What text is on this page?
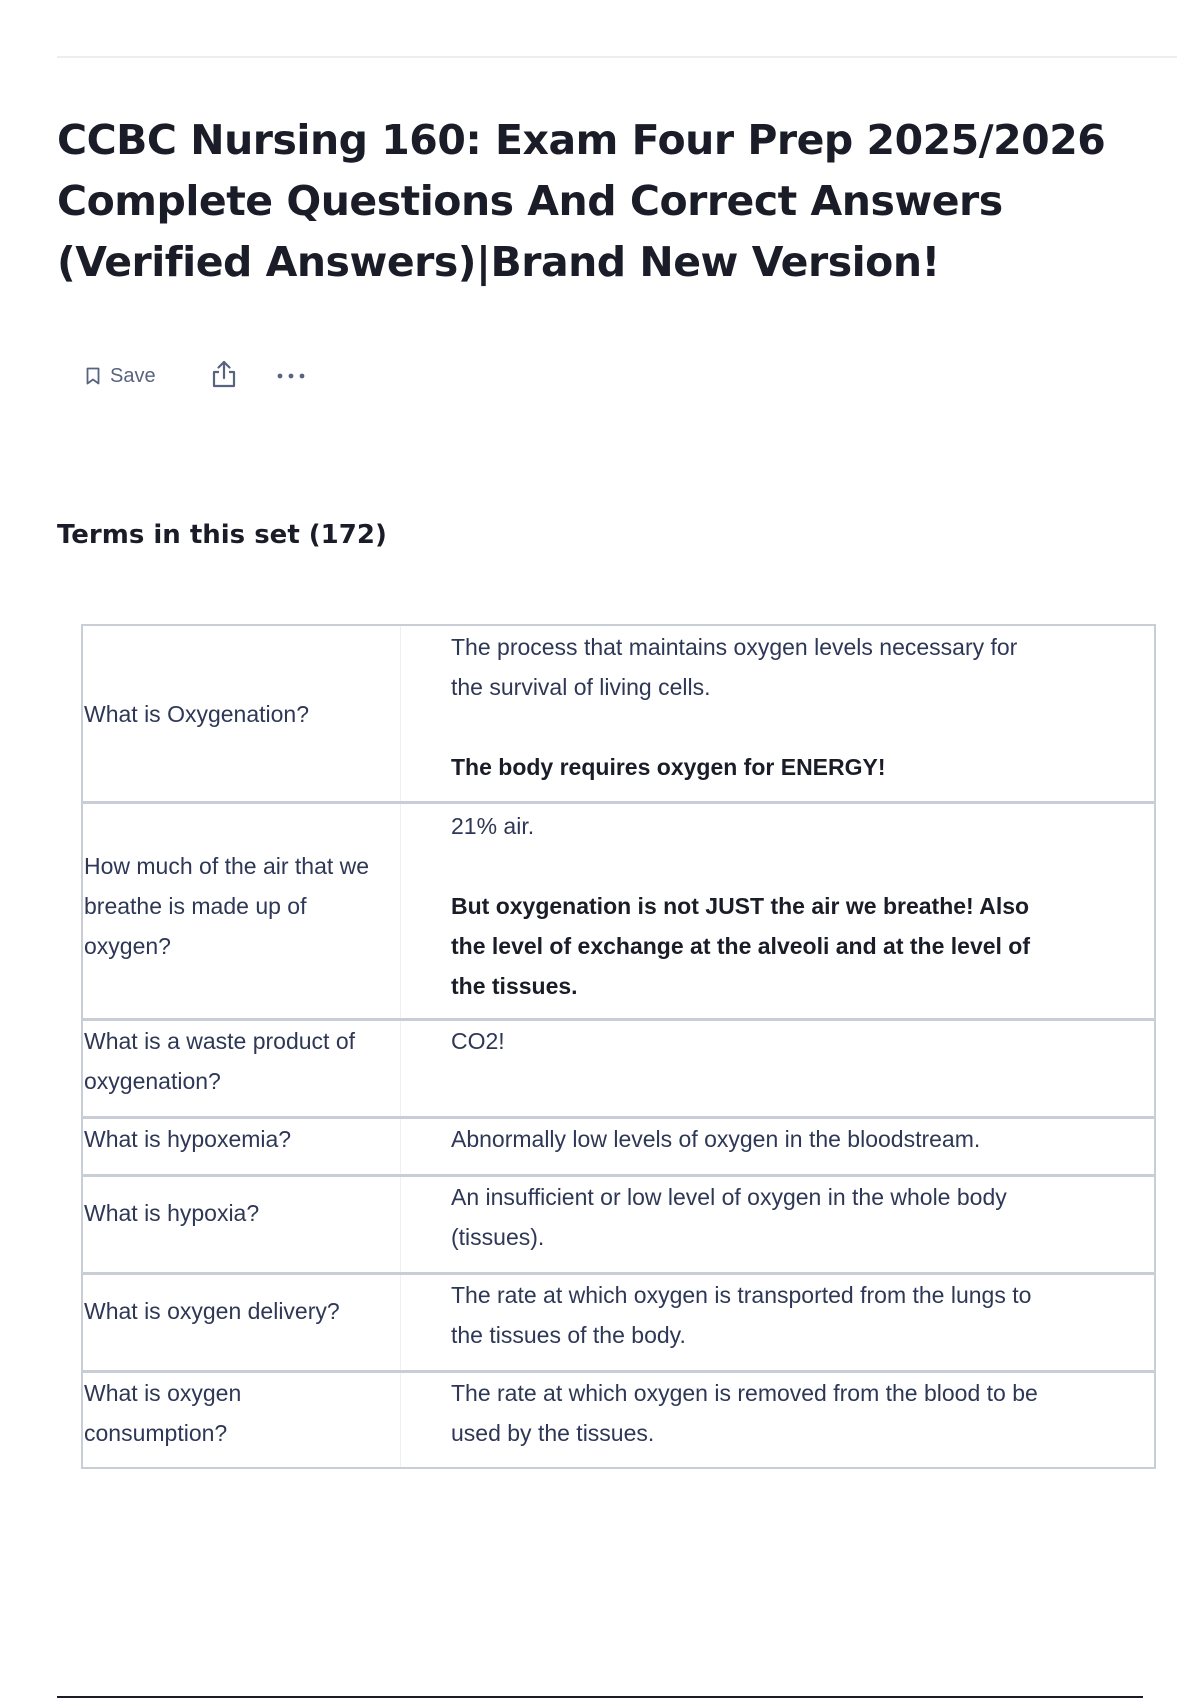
CCBC Nursing 160: Exam Four Prep 2025/2026 Complete Questions And Correct Answers (Verified Answers)|Brand New Version!
Save
Terms in this set (172)
What is Oxygenation?
The process that maintains oxygen levels necessary for the survival of living cells.
The body requires oxygen for ENERGY!
How much of the air that we breathe is made up of oxygen?
21% air.
But oxygenation is not JUST the air we breathe! Also the level of exchange at the alveoli and at the level of the tissues.
What is a waste product of oxygenation?
CO2!
What is hypoxemia?	Abnormally low levels of oxygen in the bloodstream.
What is hypoxia?
An insufficient or low level of oxygen in the whole body (tissues).
What is oxygen delivery?
The rate at which oxygen is transported from the lungs to the tissues of the body.
What is oxygen consumption?
The rate at which oxygen is removed from the blood to be used by the tissues.
